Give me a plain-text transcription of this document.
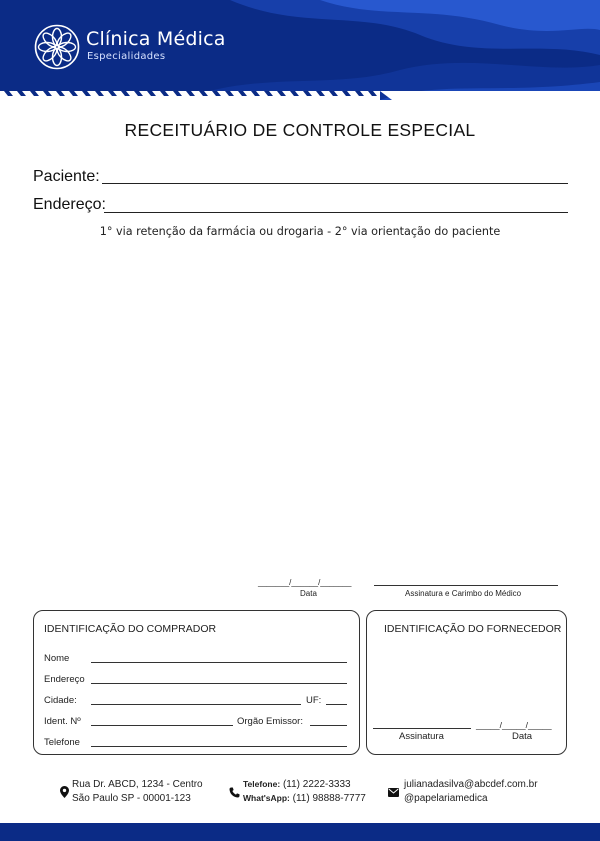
Clínica Médica
Especialidades
RECEITUÁRIO DE CONTROLE ESPECIAL
Paciente:
Endereço:
1° via retenção da farmácia ou drogaria - 2° via orientação do paciente
_______/______/_______
Data	Assinatura e Carimbo do Médico
IDENTIFICAÇÃO DO COMPRADOR
Nome
Endereço
Cidade:	UF:
Ident. Nº	Orgão Emissor:
Telefone
IDENTIFICAÇÃO DO FORNECEDOR
Assinatura
_____/_____/_____
Data
Rua Dr. ABCD, 1234 - Centro
São Paulo SP - 00001-123
Telefone: (11) 2222-3333
What'sApp: (11) 98888-7777
julianadasilva@abcdef.com.br
@papelariamedica
